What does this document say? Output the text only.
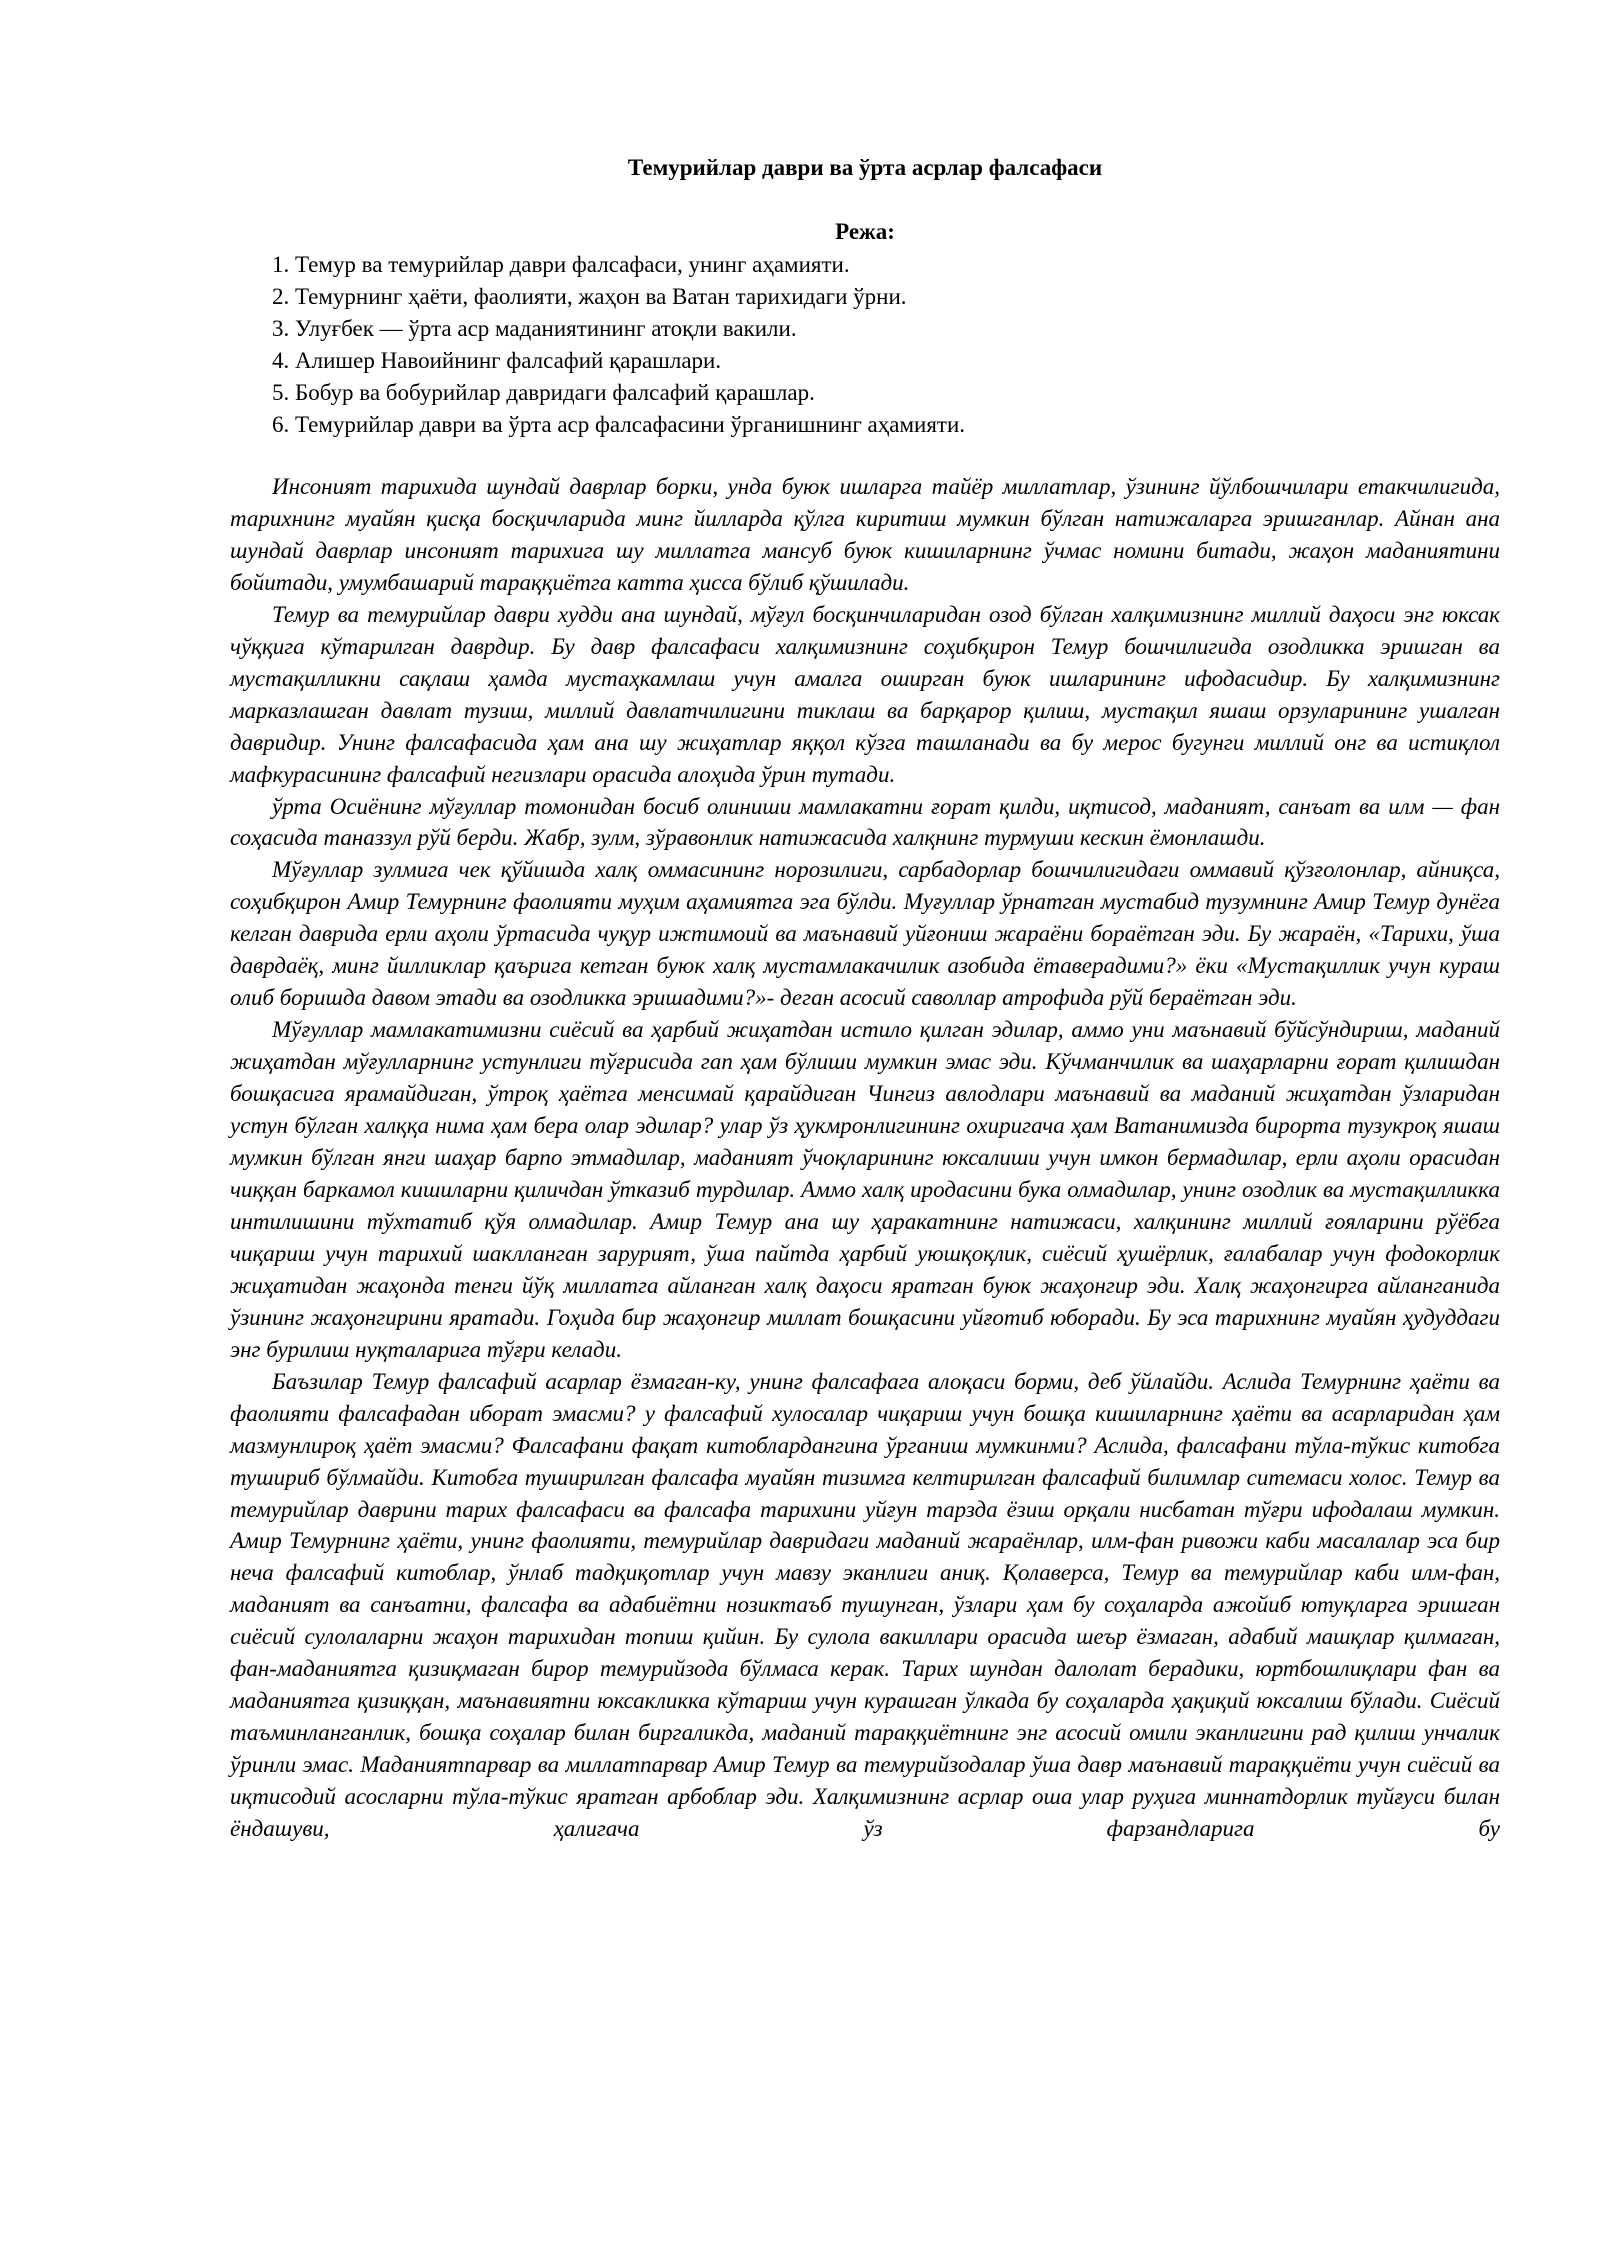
Темурийлар даври ва ўрта асрлар фалсафаси
Режа:
1. Темур ва темурийлар даври фалсафаси, унинг аҳамияти.
2. Темурнинг ҳаёти, фаолияти, жаҳон ва Ватан тарихидаги ўрни.
3. Улуғбек — ўрта аср маданиятининг атоқли вакили.
4. Алишер Навоийнинг фалсафий қарашлари.
5. Бобур ва бобурийлар давридаги фалсафий қарашлар.
6. Темурийлар даври ва ўрта аср фалсафасини ўрганишнинг аҳамияти.

Инсоният тарихида шундай даврлар борки, унда буюк ишларга тайёр миллатлар, ўзининг йўлбошчилари етакчилигида, тарихнинг муайян қисқа босқичларида минг йилларда қўлга киритиш мумкин бўлган натижаларга эришганлар. Айнан ана шундай даврлар инсоният тарихига шу миллатга мансуб буюк кишиларнинг ўчмас номини битади, жаҳон маданиятини бойитади, умумбашарий тараққиётга катта ҳисса бўлиб қўшилади.

Темур ва темурийлар даври худди ана шундай, мўғул босқинчиларидан озод бўлган халқимизнинг миллий даҳоси энг юксак чўққига кўтарилган даврдир. Бу давр фалсафаси халқимизнинг соҳибқирон Темур бошчилигида озодликка эришган ва мустақилликни сақлаш ҳамда мустаҳкамлаш учун амалга оширган буюк ишларининг ифодасидир. Бу халқимизнинг марказлашган давлат тузиш, миллий давлатчилигини тиклаш ва барқарор қилиш, мустақил яшаш орзуларининг ушалган давридир. Унинг фалсафасида ҳам ана шу жиҳатлар яққол кўзга ташланади ва бу мерос бугунги миллий онг ва истиқлол мафкурасининг фалсафий негизлари орасида алоҳида ўрин тутади.

ўрта Осиёнинг мўғуллар томонидан босиб олиниши мамлакатни ғорат қилди, иқтисод, маданият, санъат ва илм — фан соҳасида таназзул рўй берди. Жабр, зулм, зўравонлик натижасида халқнинг турмуши кескин ёмонлашди.

Мўғуллар зулмига чек қўйишда халқ оммасининг норозилиги, сарбадорлар бошчилигидаги оммавий қўзғолонлар, айниқса, соҳибқирон Амир Темурнинг фаолияти муҳим аҳамиятга эга бўлди. Муғуллар ўрнатган мустабид тузумнинг Амир Темур дунёга келган даврида ерли аҳоли ўртасида чуқур ижтимоий ва маънавий уйғониш жараёни бораётган эди. Бу жараён, «Тарихи, ўша даврдаёқ, минг йилликлар қаърига кетган буюк халқ мустамлакачилик азобида ётаверадими?» ёки «Мустақиллик учун кураш олиб боришда давом этади ва озодликка эришадими?»- деган асосий саволлар атрофида рўй бераётган эди.

Мўғуллар мамлакатимизни сиёсий ва ҳарбий жиҳатдан истило қилган эдилар, аммо уни маънавий бўйсўндириш, маданий жиҳатдан мўғулларнинг устунлиги тўғрисида гап ҳам бўлиши мумкин эмас эди. Кўчманчилик ва шаҳарларни ғорат қилишдан бошқасига ярамайдиган, ўтроқ ҳаётга менсимай қарайдиган Чингиз авлодлари маънавий ва маданий жиҳатдан ўзларидан устун бўлган халққа нима ҳам бера олар эдилар? улар ўз ҳукмронлигининг охиригача ҳам Ватанимизда бирорта тузукроқ яшаш мумкин бўлган янги шаҳар барпо этмадилар, маданият ўчоқларининг юксалиши учун имкон бермадилар, ерли аҳоли орасидан чиққан баркамол кишиларни қиличдан ўтказиб турдилар. Аммо халқ иродасини бука олмадилар, унинг озодлик ва мустақилликка интилишини тўхтатиб қўя олмадилар. Амир Темур ана шу ҳаракатнинг натижаси, халқининг миллий ғояларини рўёбга чиқариш учун тарихий шаклланган зарурият, ўша пайтда ҳарбий уюшқоқлик, сиёсий ҳушёрлик, ғалабалар учун фодокорлик жиҳатидан жаҳонда тенги йўқ миллатга айланган халқ даҳоси яратган буюк жаҳонгир эди. Халқ жаҳонгирга айланганида ўзининг жаҳонгирини яратади. Гоҳида бир жаҳонгир миллат бошқасини уйғотиб юборади. Бу эса тарихнинг муайян ҳудуддаги энг бурилиш нуқталарига тўғри келади.

Баъзилар Темур фалсафий асарлар ёзмаган-ку, унинг фалсафага алоқаси борми, деб ўйлайди. Аслида Темурнинг ҳаёти ва фаолияти фалсафадан иборат эмасми? у фалсафий хулосалар чиқариш учун бошқа кишиларнинг ҳаёти ва асарларидан ҳам мазмунлироқ ҳаёт эмасми? Фалсафани фақат китоблардангина ўрганиш мумкинми? Аслида, фалсафани тўла-тўкис китобга тушириб бўлмайди. Китобга туширилган фалсафа муайян тизимга келтирилган фалсафий билимлар ситемаси холос. Темур ва темурийлар даврини тарих фалсафаси ва фалсафа тарихини уйғун тарзда ёзиш орқали нисбатан тўғри ифодалаш мумкин. Амир Темурнинг ҳаёти, унинг фаолияти, темурийлар давридаги маданий жараёнлар, илм-фан ривожи каби масалалар эса бир неча фалсафий китоблар, ўнлаб тадқиқотлар учун мавзу эканлиги аниқ. Қолаверса, Темур ва темурийлар каби илм-фан, маданият ва санъатни, фалсафа ва адабиётни нозиктаъб тушунган, ўзлари ҳам бу соҳаларда ажойиб ютуқларга эришган сиёсий сулолаларни жаҳон тарихидан топиш қийин. Бу сулола вакиллари орасида шеър ёзмаган, адабий машқлар қилмаган, фан-маданиятга қизиқмаган бирор темурийзода бўлмаса керак. Тарих шундан далолат берадики, юртбошлиқлари фан ва маданиятга қизиққан, маънавиятни юксакликка кўтариш учун курашган ўлкада бу соҳаларда ҳақиқий юксалиш бўлади. Сиёсий таъминланганлик, бошқа соҳалар билан биргаликда, маданий тараққиётнинг энг асосий омили эканлигини рад қилиш унчалик ўринли эмас. Маданиятпарвар ва миллатпарвар Амир Темур ва темурийзодалар ўша давр маънавий тараққиёти учун сиёсий ва иқтисодий асосларни тўла-тўкис яратган арбоблар эди. Халқимизнинг асрлар оша улар руҳига миннатдорлик туйғуси билан ёндашуви, ҳалигача ўз фарзандларига бу
